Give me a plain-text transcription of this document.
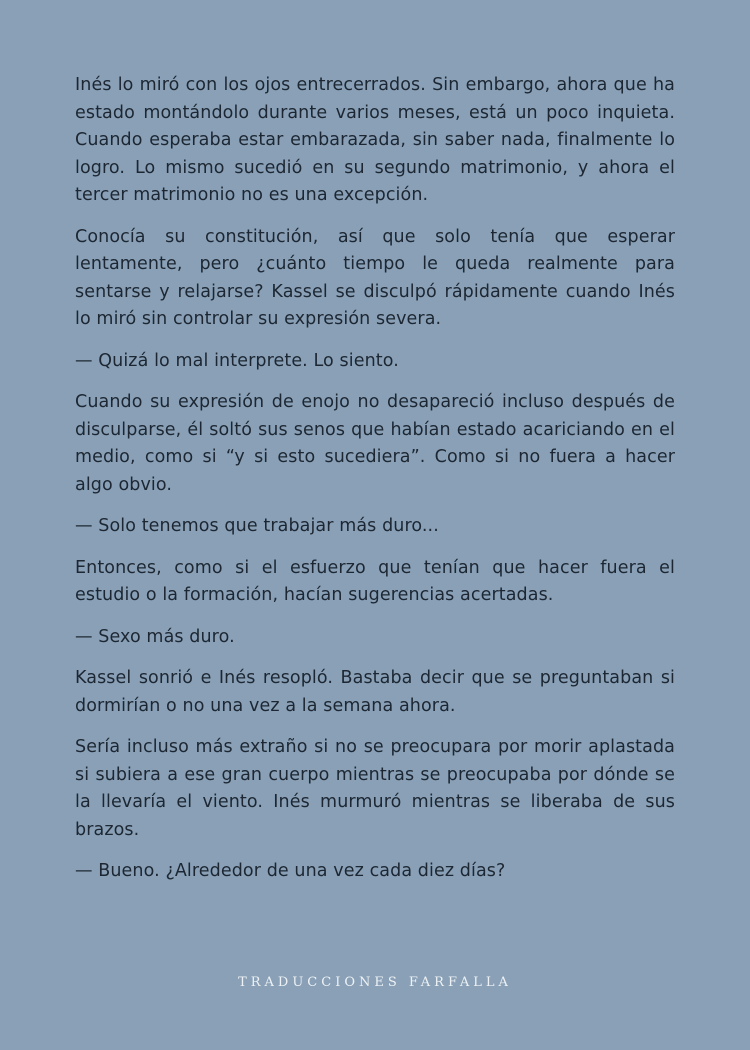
Inés lo miró con los ojos entrecerrados. Sin embargo, ahora que ha estado montándolo durante varios meses, está un poco inquieta. Cuando esperaba estar embarazada, sin saber nada, finalmente lo logro. Lo mismo sucedió en su segundo matrimonio, y ahora el tercer matrimonio no es una excepción.

Conocía su constitución, así que solo tenía que esperar lentamente, pero ¿cuánto tiempo le queda realmente para sentarse y relajarse? Kassel se disculpó rápidamente cuando Inés lo miró sin controlar su expresión severa.

— Quizá lo mal interprete. Lo siento.

Cuando su expresión de enojo no desapareció incluso después de disculparse, él soltó sus senos que habían estado acariciando en el medio, como si “y si esto sucediera”. Como si no fuera a hacer algo obvio.

— Solo tenemos que trabajar más duro...

Entonces, como si el esfuerzo que tenían que hacer fuera el estudio o la formación, hacían sugerencias acertadas.

— Sexo más duro.

Kassel sonrió e Inés resopló. Bastaba decir que se preguntaban si dormirían o no una vez a la semana ahora.

Sería incluso más extraño si no se preocupara por morir aplastada si subiera a ese gran cuerpo mientras se preocupaba por dónde se la llevaría el viento. Inés murmuró mientras se liberaba de sus brazos.

— Bueno. ¿Alrededor de una vez cada diez días?

TRADUCCIONES FARFALLA
